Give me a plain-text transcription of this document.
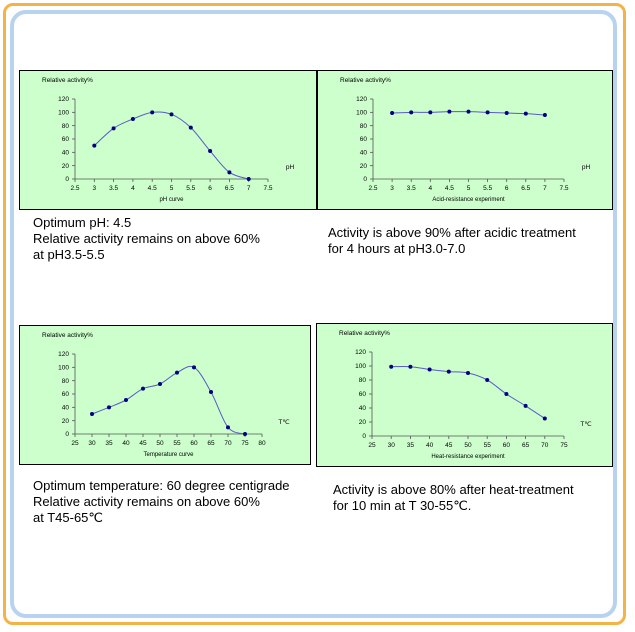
Relative activity%
0
20
40
60
80
100
120
2.5 3 3.5 4 4.5 5 5.5 6 6.5 7 7.5
pH
pH curve
Relative activity%
0
20
40
60
80
100
120
2.5 3 3.5 4 4.5 5 5.5 6 6.5 7 7.5
pH
Acid-resistance experiment
Relative activity%
0
20
40
60
80
100
120
25 30 35 40 45 50 55 60 65 70 75 80
T℃
Temperature curve
Relative activity%
0
20
40
60
80
100
120
25 30 35 40 45 50 55 60 65 70 75
T℃
Heat-resistance experiment
Optimum pH: 4.5
Relative activity remains on above 60%
at pH3.5-5.5
Activity is above 90% after acidic treatment
for 4 hours at pH3.0-7.0
Optimum temperature: 60 degree centigrade
Relative activity remains on above 60%
at T45-65℃
Activity is above 80% after heat-treatment
for 10 min at T 30-55℃.
